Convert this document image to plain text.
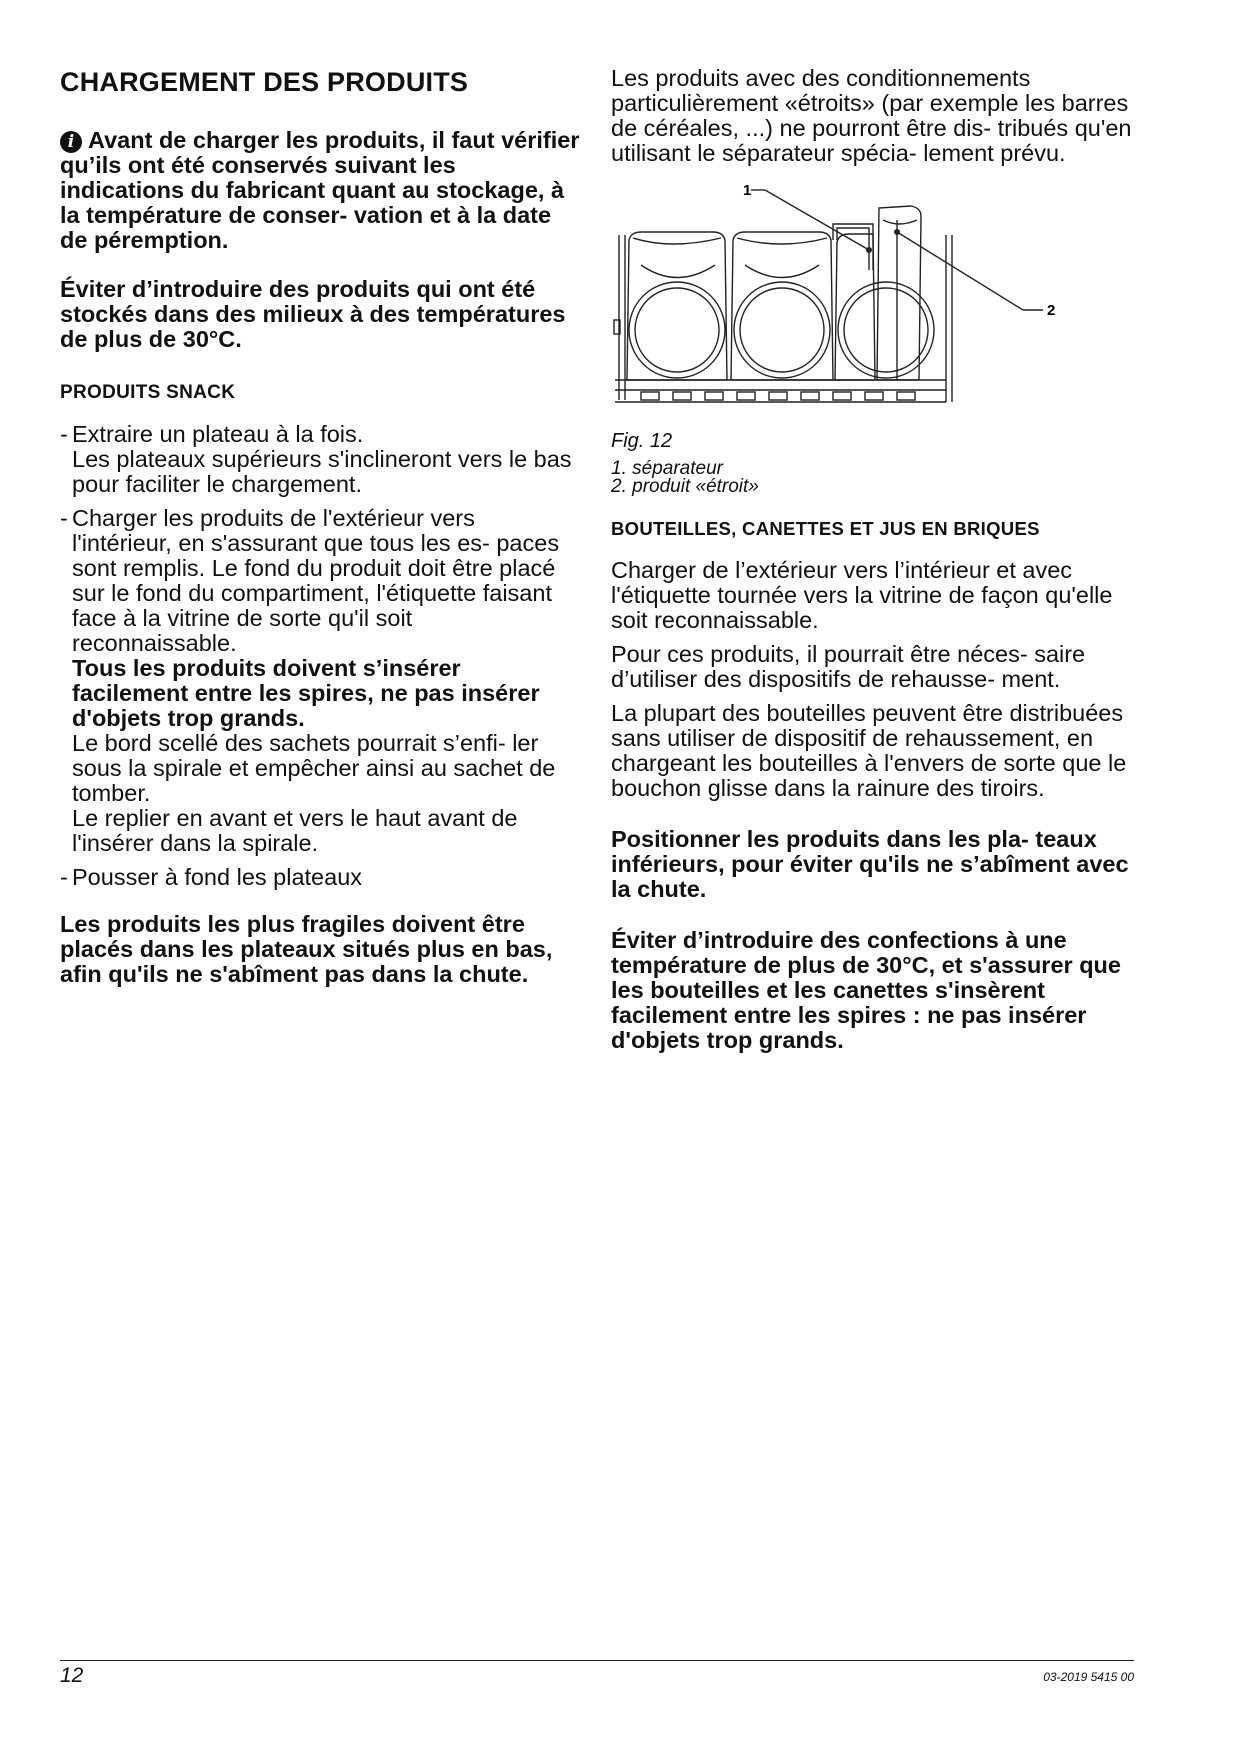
CHARGEMENT DES PRODUITS

i Avant de charger les produits, il faut vérifier qu’ils ont été conservés suivant les indications du fabricant quant au stockage, à la température de conser- vation et à la date de péremption.

Éviter d’introduire des produits qui ont été stockés dans des milieux à des températures de plus de 30°C.

PRODUITS SNACK
- Extraire un plateau à la fois.

Les plateaux supérieurs s'inclineront vers le bas pour faciliter le chargement.

- Charger les produits de l'extérieur vers l'intérieur, en s'assurant que tous les es- paces sont remplis. Le fond du produit doit être placé sur le fond du compartiment, l'étiquette faisant face à la vitrine de sorte qu'il soit reconnaissable.

Tous les produits doivent s’insérer facilement entre les spires, ne pas insérer d'objets trop grands.

Le bord scellé des sachets pourrait s’enfi- ler sous la spirale et empêcher ainsi au sachet de tomber.

Le replier en avant et vers le haut avant de l'insérer dans la spirale.

- Pousser à fond les plateaux

Les produits les plus fragiles doivent être placés dans les plateaux situés plus en bas, afin qu'ils ne s'abîment pas dans la chute.

Les produits avec des conditionnements particulièrement «étroits» (par exemple les barres de céréales, ...) ne pourront être dis- tribués qu'en utilisant le séparateur spécia- lement prévu.

1
2

Fig. 12

1. séparateur
2. produit «étroit»
BOUTEILLES, CANETTES ET JUS EN BRIQUES

Charger de l’extérieur vers l’intérieur et avec l'étiquette tournée vers la vitrine de façon qu'elle soit reconnaissable.

Pour ces produits, il pourrait être néces- saire d’utiliser des dispositifs de rehausse- ment.

La plupart des bouteilles peuvent être distribuées sans utiliser de dispositif de rehaussement, en chargeant les bouteilles à l'envers de sorte que le bouchon glisse dans la rainure des tiroirs.

Positionner les produits dans les pla- teaux inférieurs, pour éviter qu'ils ne s’abîment avec la chute.

Éviter d’introduire des confections à une température de plus de 30°C, et s'assurer que les bouteilles et les canettes s'insèrent facilement entre les spires : ne pas insérer d'objets trop grands.

12	03-2019 5415 00
